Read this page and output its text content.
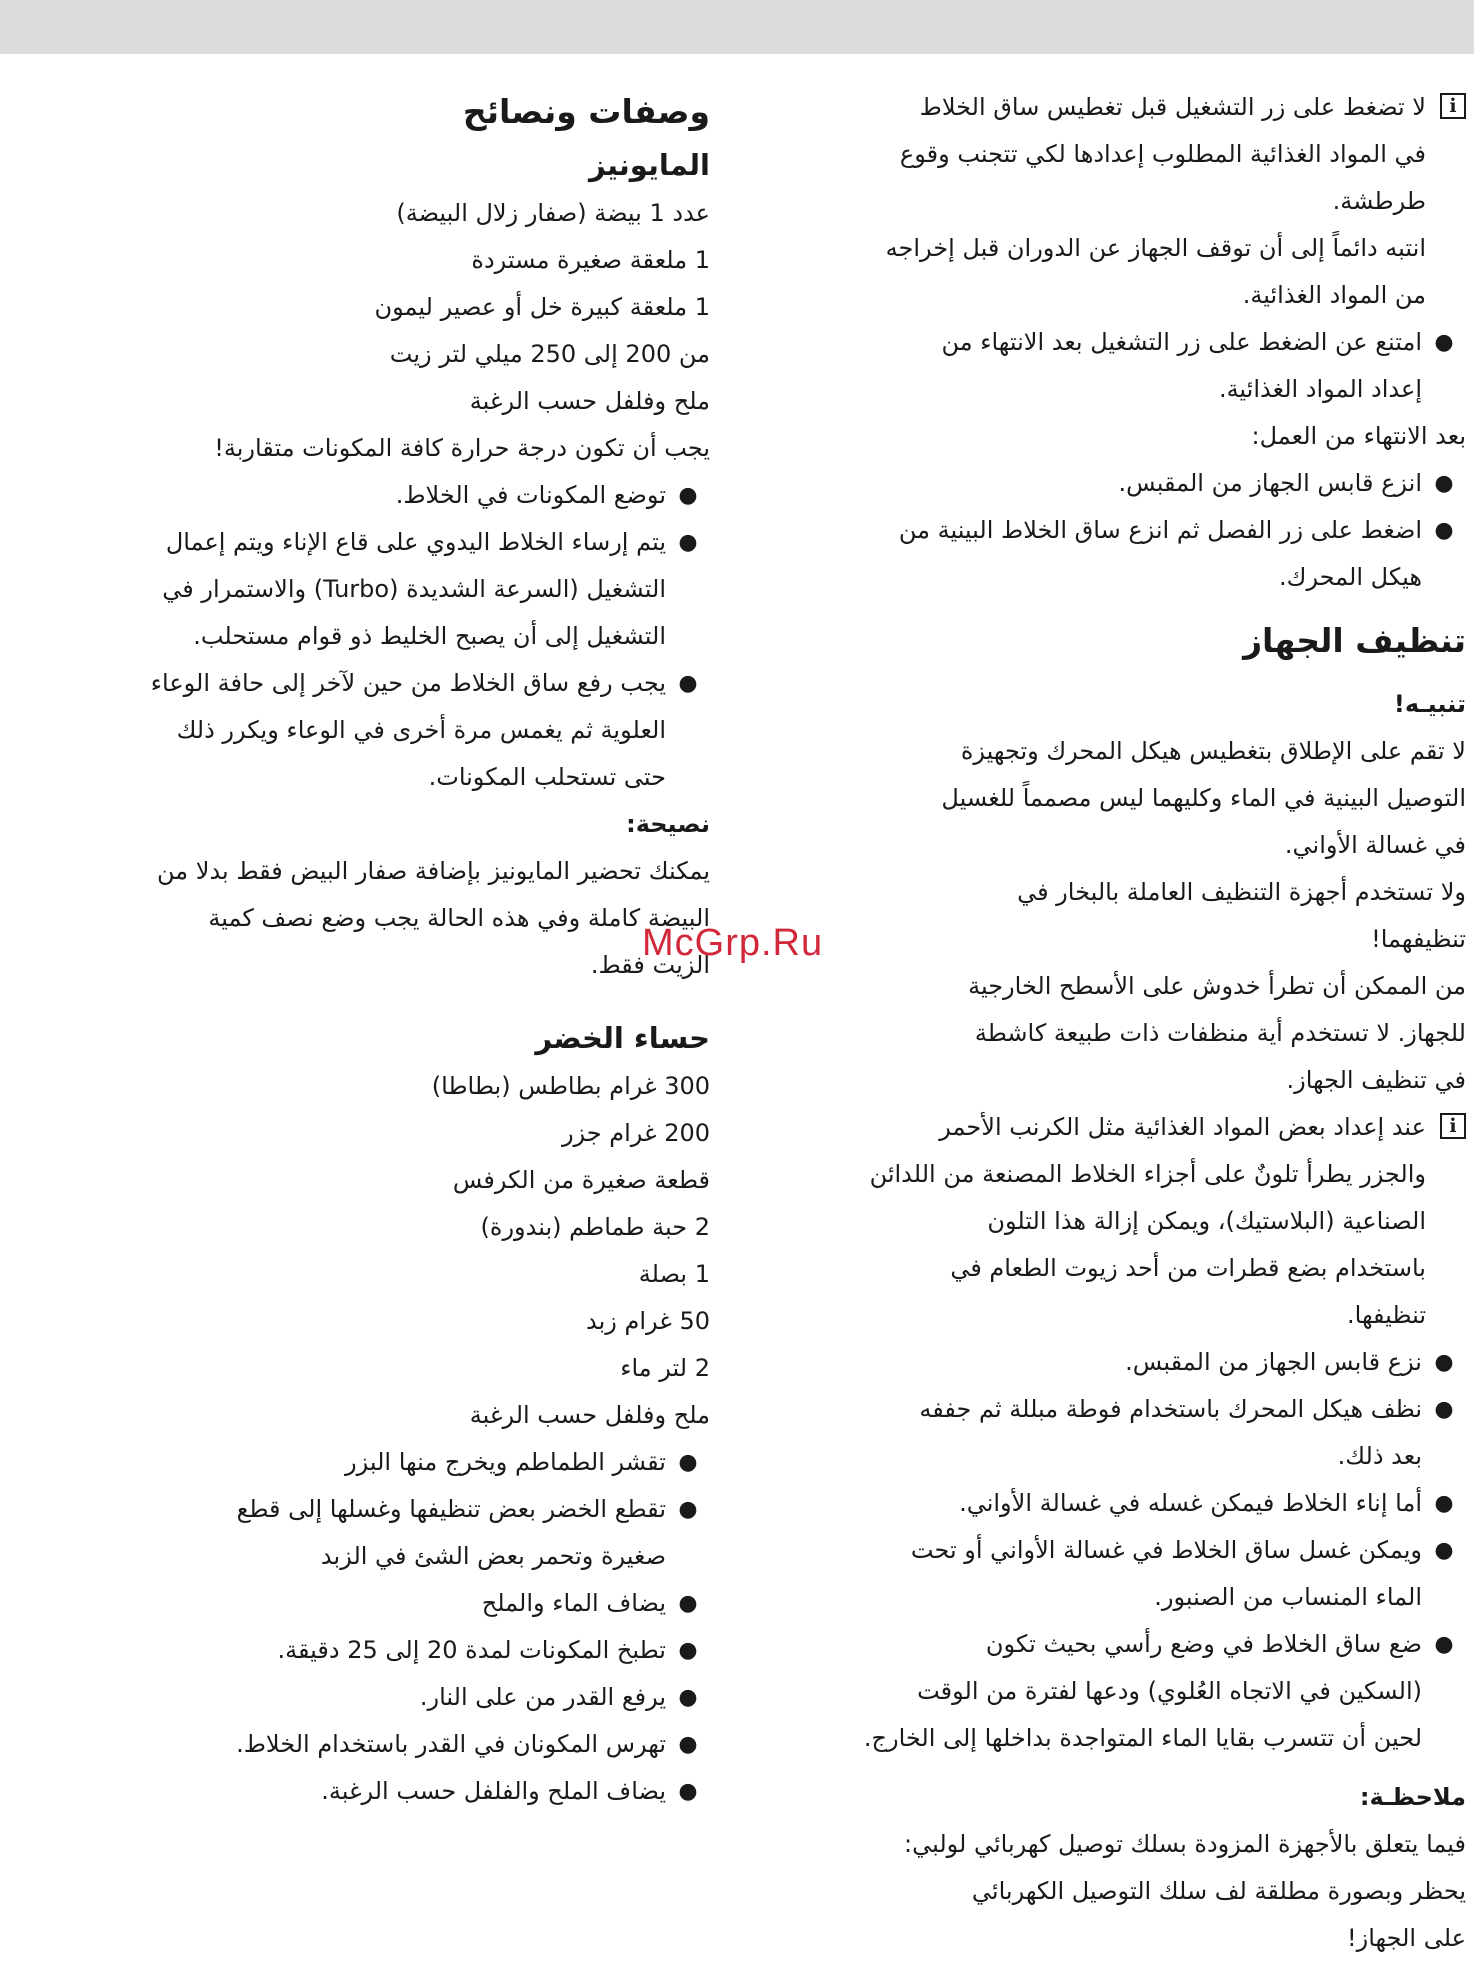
i

لا تضغط على زر التشغيل قبل تغطيس ساق الخلاط

في المواد الغذائية المطلوب إعدادها لكي تتجنب وقوع

طرطشة.

انتبه دائماً إلى أن توقف الجهاز عن الدوران قبل إخراجه

من المواد الغذائية.

●

امتنع عن الضغط على زر التشغيل بعد الانتهاء من

إعداد المواد الغذائية.

بعد الانتهاء من العمل:

●

انزع قابس الجهاز من المقبس.

●

اضغط على زر الفصل ثم انزع ساق الخلاط البينية من

هيكل المحرك.

تنظيف الجهاز

تنبيـه!

لا تقم على الإطلاق بتغطيس هيكل المحرك وتجهيزة

التوصيل البينية في الماء وكليهما ليس مصمماً للغسيل

في غسالة الأواني.

ولا تستخدم أجهزة التنظيف العاملة بالبخار في

تنظيفهما!

من الممكن أن تطرأ خدوش على الأسطح الخارجية

للجهاز. لا تستخدم أية منظفات ذات طبيعة كاشطة

في تنظيف الجهاز.

i

عند إعداد بعض المواد الغذائية مثل الكرنب الأحمر

والجزر يطرأ تلونٌ على أجزاء الخلاط المصنعة من اللدائن

الصناعية (البلاستيك)، ويمكن إزالة هذا التلون

باستخدام بضع قطرات من أحد زيوت الطعام في

تنظيفها.

●

نزع قابس الجهاز من المقبس.

●

نظف هيكل المحرك باستخدام فوطة مبللة ثم جففه

بعد ذلك.

●

أما إناء الخلاط فيمكن غسله في غسالة الأواني.

●

ويمكن غسل ساق الخلاط في غسالة الأواني أو تحت

الماء المنساب من الصنبور.

●

ضع ساق الخلاط في وضع رأسي بحيث تكون

(السكين في الاتجاه العُلوي) ودعها لفترة من الوقت

لحين أن تتسرب بقايا الماء المتواجدة بداخلها إلى الخارج.

ملاحظـة:

فيما يتعلق بالأجهزة المزودة بسلك توصيل كهربائي لولبي:

يحظر وبصورة مطلقة لف سلك التوصيل الكهربائي

على الجهاز!

وصفات ونصائح

المايونيز

عدد 1 بيضة (صفار زلال البيضة)

1 ملعقة صغيرة مستردة

1 ملعقة كبيرة خل أو عصير ليمون

من 200 إلى 250 ميلي لتر زيت

ملح وفلفل حسب الرغبة

يجب أن تكون درجة حرارة كافة المكونات متقاربة!

●

توضع المكونات في الخلاط.

●

يتم إرساء الخلاط اليدوي على قاع الإناء ويتم إعمال

التشغيل (السرعة الشديدة (Turbo) والاستمرار في

التشغيل إلى أن يصبح الخليط ذو قوام مستحلب.

●

يجب رفع ساق الخلاط من حين لآخر إلى حافة الوعاء

العلوية ثم يغمس مرة أخرى في الوعاء ويكرر ذلك

حتى تستحلب المكونات.

نصيحة:

يمكنك تحضير المايونيز بإضافة صفار البيض فقط بدلا من

البيضة كاملة وفي هذه الحالة يجب وضع نصف كمية

الزيت فقط.

حساء الخضر

300 غرام بطاطس (بطاطا)

200 غرام جزر

قطعة صغيرة من الكرفس

2 حبة طماطم (بندورة)

1 بصلة

50 غرام زبد

2 لتر ماء

ملح وفلفل حسب الرغبة

●

تقشر الطماطم ويخرج منها البزر

●

تقطع الخضر بعض تنظيفها وغسلها إلى قطع

صغيرة وتحمر بعض الشئ في الزبد

●

يضاف الماء والملح

●

تطبخ المكونات لمدة 20 إلى 25 دقيقة.

●

يرفع القدر من على النار.

●

تهرس المكونان في القدر باستخدام الخلاط.

●

يضاف الملح والفلفل حسب الرغبة.

McGrp.Ru
